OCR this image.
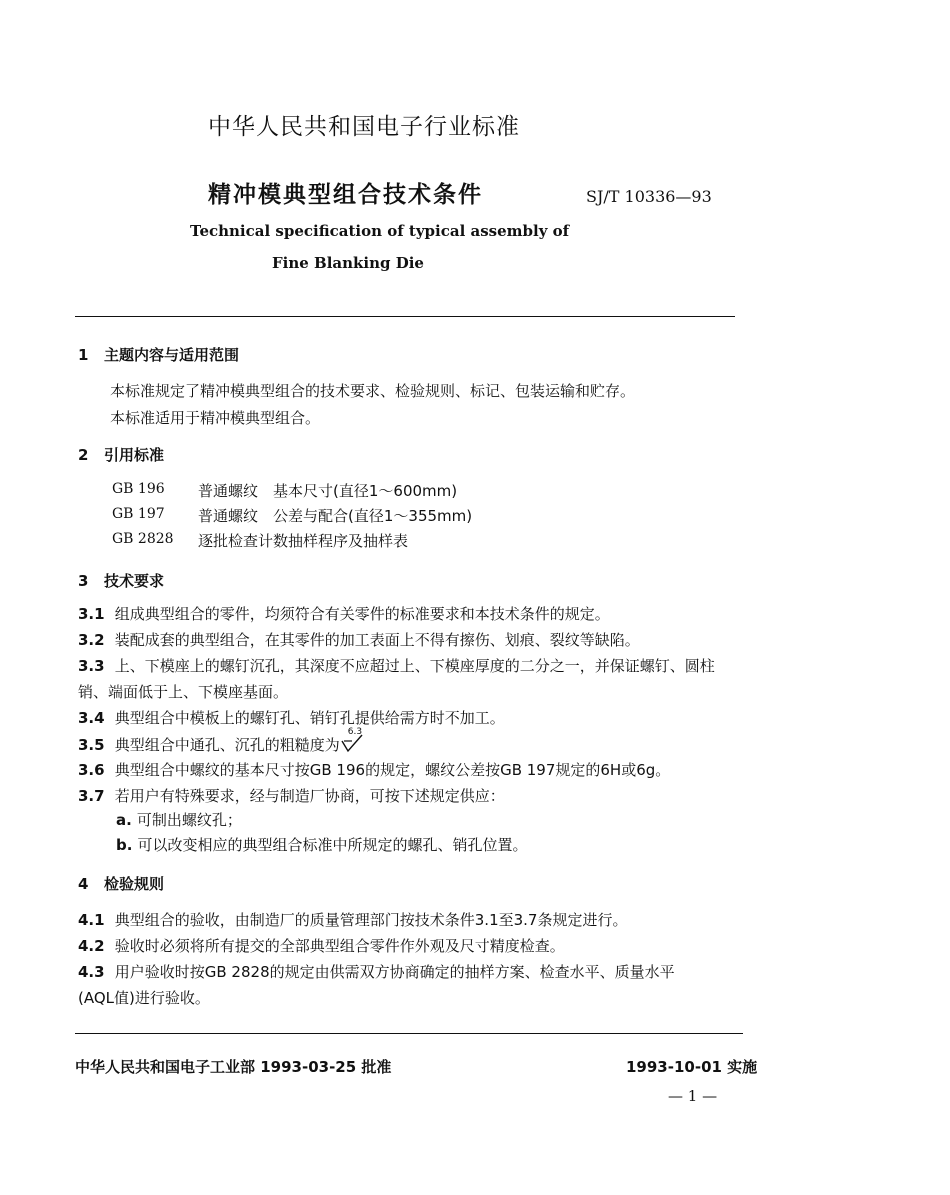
中华人民共和国电子行业标准
精冲模典型组合技术条件	SJ/T 10336—93
Technical specification of typical assembly of
Fine Blanking Die
1 主题内容与适用范围
本标准规定了精冲模典型组合的技术要求、检验规则、标记、包装运输和贮存。
本标准适用于精冲模典型组合。
2 引用标准
GB 196 普通螺纹　基本尺寸(直径1～600mm)
GB 197 普通螺纹　公差与配合(直径1～355mm)
GB 2828 逐批检查计数抽样程序及抽样表
3 技术要求
3.1 组成典型组合的零件，均须符合有关零件的标准要求和本技术条件的规定。
3.2 装配成套的典型组合，在其零件的加工表面上不得有擦伤、划痕、裂纹等缺陷。
3.3 上、下模座上的螺钉沉孔，其深度不应超过上、下模座厚度的二分之一，并保证螺钉、圆柱
销、端面低于上、下模座基面。
3.4 典型组合中模板上的螺钉孔、销钉孔提供给需方时不加工。
3.5 典型组合中通孔、沉孔的粗糙度为
6.3
3.6 典型组合中螺纹的基本尺寸按GB 196的规定，螺纹公差按GB 197规定的6H或6g。
3.7 若用户有特殊要求，经与制造厂协商，可按下述规定供应：
a. 可制出螺纹孔；
b. 可以改变相应的典型组合标准中所规定的螺孔、销孔位置。
4 检验规则
4.1 典型组合的验收，由制造厂的质量管理部门按技术条件3.1至3.7条规定进行。
4.2 验收时必须将所有提交的全部典型组合零件作外观及尺寸精度检查。
4.3 用户验收时按GB 2828的规定由供需双方协商确定的抽样方案、检查水平、质量水平
(AQL值)进行验收。
中华人民共和国电子工业部 1993-03-25 批准	1993-10-01 实施
— 1 —
